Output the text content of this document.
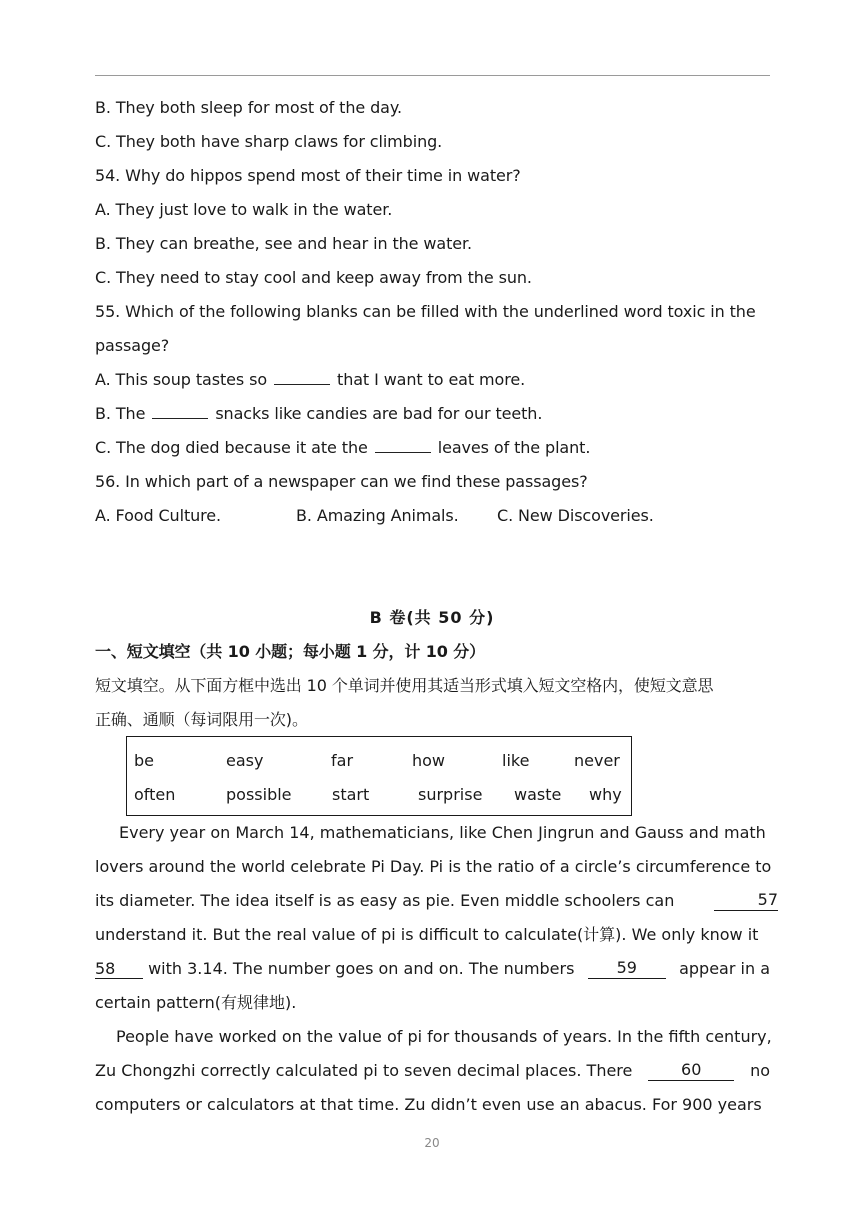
B. They both sleep for most of the day.
C. They both have sharp claws for climbing.
54. Why do hippos spend most of their time in water?
A. They just love to walk in the water.
B. They can breathe, see and hear in the water.
C. They need to stay cool and keep away from the sun.
55. Which of the following blanks can be filled with the underlined word toxic in the
passage?
A. This soup tastes so	that I want to eat more.
B. The	snacks like candies are bad for our teeth.
C. The dog died because it ate the	leaves of the plant.
56. In which part of a newspaper can we find these passages?
A. Food Culture.	B. Amazing Animals. C. New Discoveries.
B 卷(共 50 分)
一、短文填空（共 10 小题；每小题 1 分，计 10 分）
短文填空。从下面方框中选出 10 个单词并使用其适当形式填入短文空格内，使短文意思
正确、通顺（每词限用一次)。
be	easy	far	how	like	never
often	possible	start	surprise waste why
Every year on March 14, mathematicians, like Chen Jingrun and Gauss and math
lovers around the world celebrate Pi Day. Pi is the ratio of a circle’s circumference to
its diameter. The idea itself is as easy as pie. Even middle schoolers can	57
understand it. But the real value of pi is difficult to calculate(计算). We only know it
58 with 3.14. The number goes on and on. The numbers	59	appear in a
certain pattern(有规律地).
People have worked on the value of pi for thousands of years. In the fifth century,
Zu Chongzhi correctly calculated pi to seven decimal places. There	60	no
computers or calculators at that time. Zu didn’t even use an abacus. For 900 years
20
